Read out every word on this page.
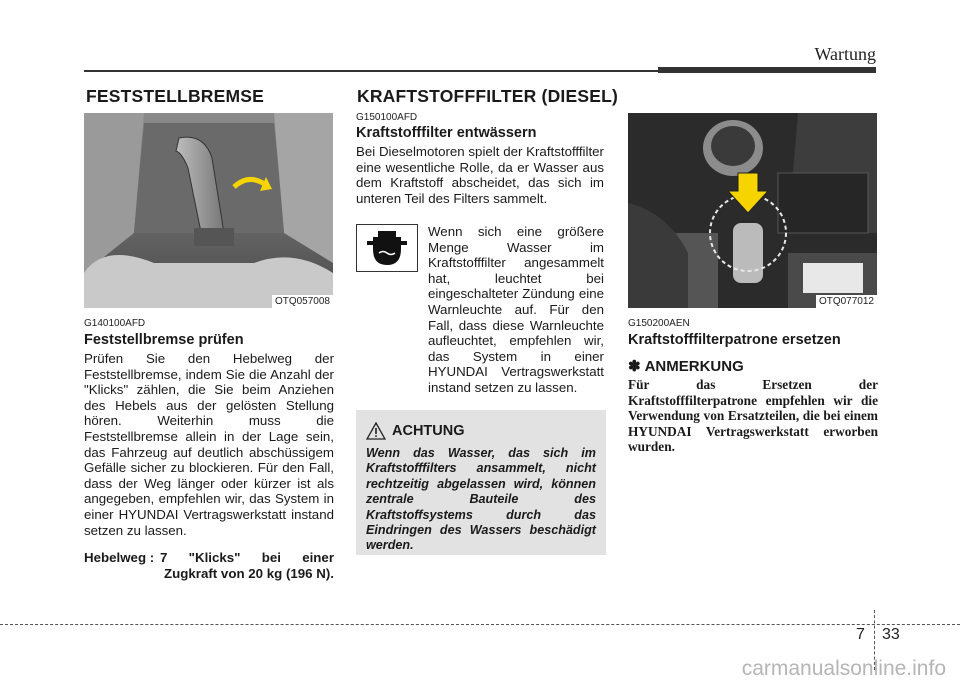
Wartung
FESTSTELLBREMSE	KRAFTSTOFFFILTER (DIESEL)
OTQ057008
G140100AFD
Feststellbremse prüfen
Prüfen Sie den Hebelweg der Feststellbremse, indem Sie die Anzahl der "Klicks" zählen, die Sie beim Anziehen des Hebels aus der gelösten Stellung hören. Weiterhin muss die Feststellbremse allein in der Lage sein, das Fahrzeug auf deutlich abschüssigem Gefälle sicher zu blockieren. Für den Fall, dass der Weg länger oder kürzer ist als angegeben, empfehlen wir, das System in einer HYUNDAI Vertragswerkstatt instand setzen zu lassen.
Hebelweg : 7 "Klicks" bei einer
Zugkraft von 20 kg (196 N).
G150100AFD
Kraftstofffilter entwässern
Bei Dieselmotoren spielt der Kraftstofffilter eine wesentliche Rolle, da er Wasser aus dem Kraftstoff abscheidet, das sich im unteren Teil des Filters sammelt.
Wenn sich eine größere Menge Wasser im Kraftstofffilter angesammelt hat, leuchtet bei eingeschalteter Zündung eine Warnleuchte auf. Für den Fall, dass diese Warnleuchte aufleuchtet, empfehlen wir, das System in einer HYUNDAI Vertragswerkstatt instand setzen zu lassen.
ACHTUNG
Wenn das Wasser, das sich im Kraftstofffilters ansammelt, nicht rechtzeitig abgelassen wird, können zentrale Bauteile des Kraftstoffsystems durch das Eindringen des Wassers beschädigt werden.
OTQ077012
G150200AEN
Kraftstofffilterpatrone ersetzen
✽ ANMERKUNG
Für das Ersetzen der Kraftstofffilterpatrone empfehlen wir die Verwendung von Ersatzteilen, die bei einem HYUNDAI Vertragswerkstatt erworben wurden.
7 33
carmanualsonline.info
